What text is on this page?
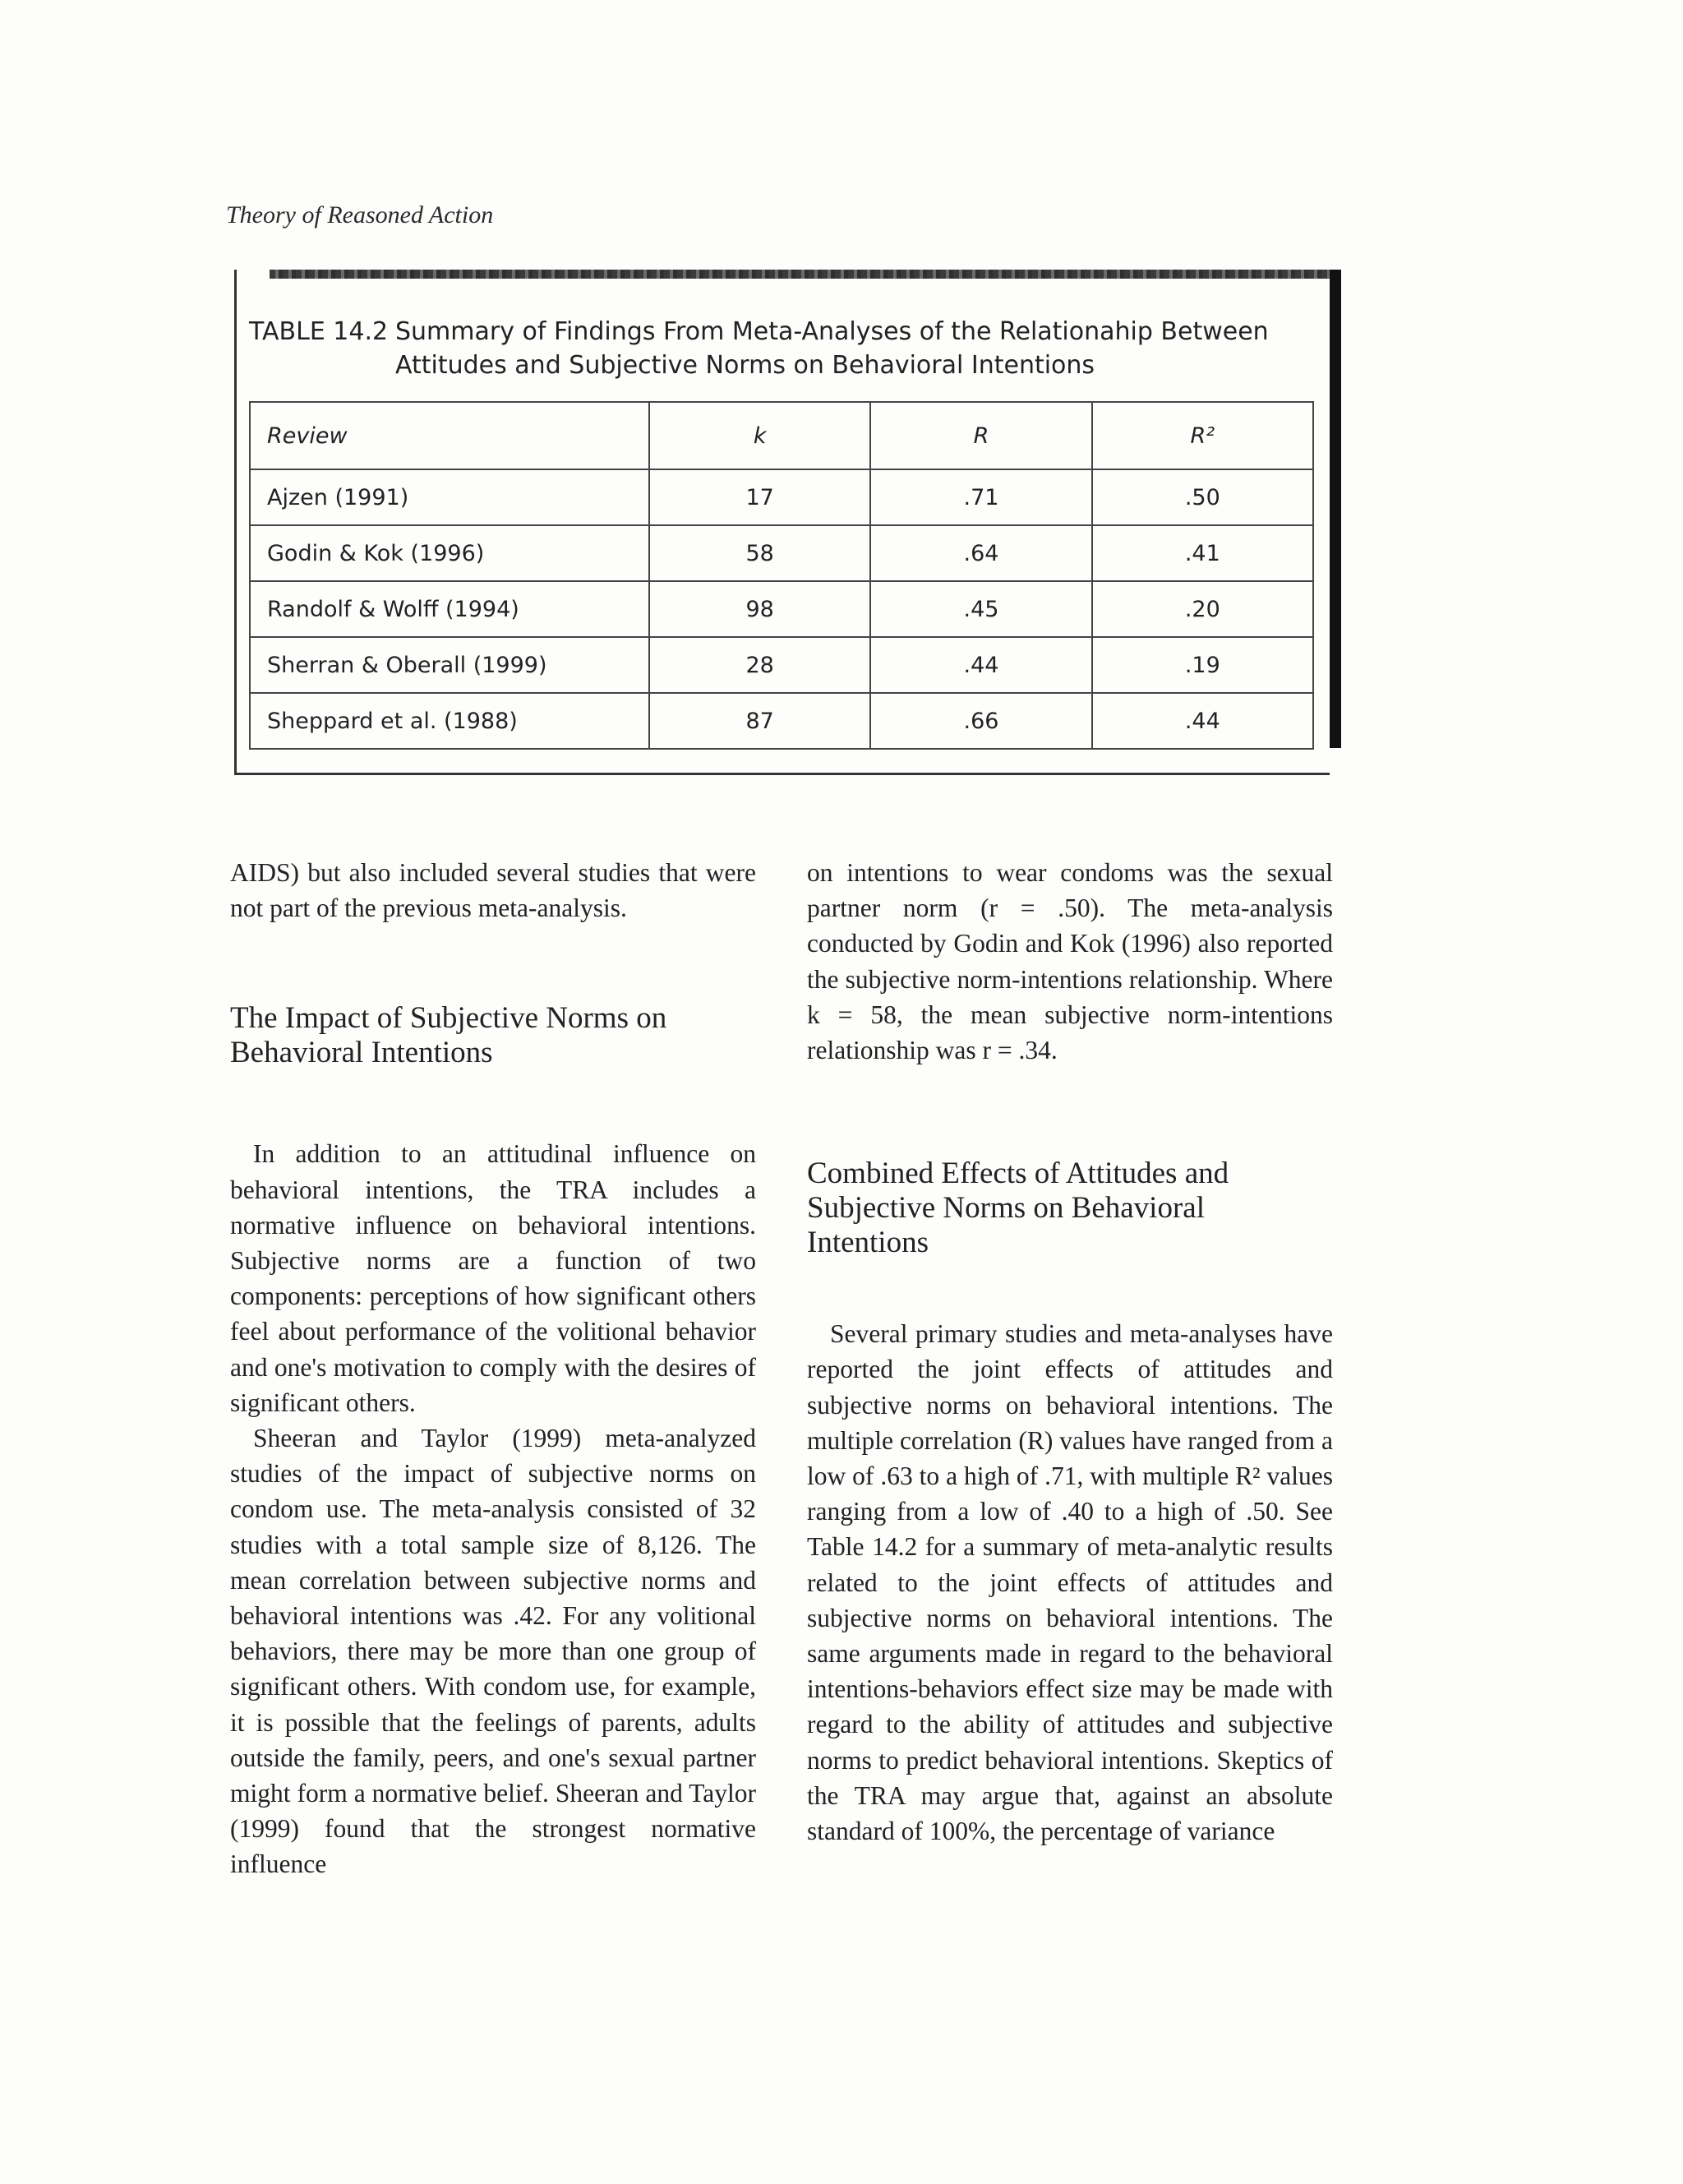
Theory of Reasoned Action
TABLE 14.2 Summary of Findings From Meta-Analyses of the Relationahip Between Attitudes and Subjective Norms on Behavioral Intentions
Review	k	R	R²
Ajzen (1991)	17	.71	.50
Godin & Kok (1996)	58	.64	.41
Randolf & Wolff (1994)	98	.45	.20
Sherran & Oberall (1999)	28	.44	.19
Sheppard et al. (1988)	87	.66	.44

AIDS) but also included several studies that were not part of the previous meta-analysis.

The Impact of Subjective Norms on Behavioral Intentions

In addition to an attitudinal influence on behavioral intentions, the TRA includes a normative influence on behavioral intentions. Subjective norms are a function of two components: perceptions of how significant others feel about performance of the volitional behavior and one's motivation to comply with the desires of significant others.

Sheeran and Taylor (1999) meta-analyzed studies of the impact of subjective norms on condom use. The meta-analysis consisted of 32 studies with a total sample size of 8,126. The mean correlation between subjective norms and behavioral intentions was .42. For any volitional behaviors, there may be more than one group of significant others. With condom use, for example, it is possible that the feelings of parents, adults outside the family, peers, and one's sexual partner might form a normative belief. Sheeran and Taylor (1999) found that the strongest normative influence

on intentions to wear condoms was the sexual partner norm (r = .50). The meta-analysis conducted by Godin and Kok (1996) also reported the subjective norm-intentions relationship. Where k = 58, the mean subjective norm-intentions relationship was r = .34.

Combined Effects of Attitudes and Subjective Norms on Behavioral Intentions

Several primary studies and meta-analyses have reported the joint effects of attitudes and subjective norms on behavioral intentions. The multiple correlation (R) values have ranged from a low of .63 to a high of .71, with multiple R² values ranging from a low of .40 to a high of .50. See Table 14.2 for a summary of meta-analytic results related to the joint effects of attitudes and subjective norms on behavioral intentions. The same arguments made in regard to the behavioral intentions-behaviors effect size may be made with regard to the ability of attitudes and subjective norms to predict behavioral intentions. Skeptics of the TRA may argue that, against an absolute standard of 100%, the percentage of variance
